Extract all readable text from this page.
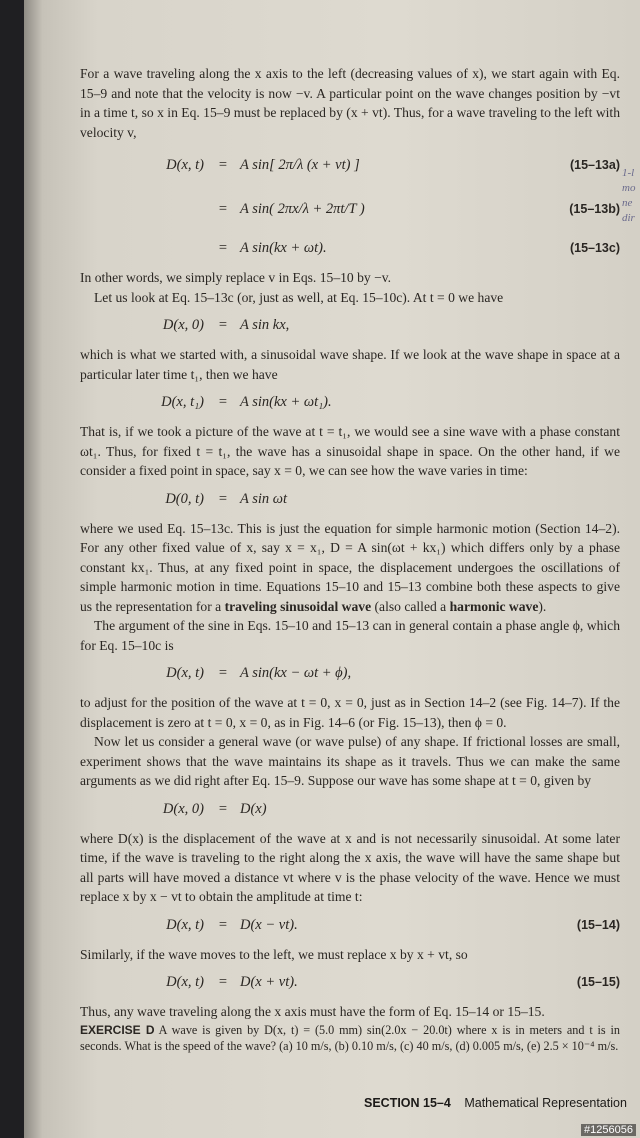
For a wave traveling along the x axis to the left (decreasing values of x), we start again with Eq. 15–9 and note that the velocity is now −v. A particular point on the wave changes position by −vt in a time t, so x in Eq. 15–9 must be replaced by (x + vt). Thus, for a wave traveling to the left with velocity v,

D(x, t)	= A sin[ 2π/λ (x + vt) ]	(15–13a)
= A sin( 2πx/λ + 2πt/T )	(15–13b)
= A sin(kx + ωt).	(15–13c)

In other words, we simply replace v in Eqs. 15–10 by −v.

Let us look at Eq. 15–13c (or, just as well, at Eq. 15–10c). At t = 0 we have

D(x, 0)	= A sin kx,

which is what we started with, a sinusoidal wave shape. If we look at the wave shape in space at a particular later time t₁, then we have

D(x, t₁)	= A sin(kx + ωt₁).

That is, if we took a picture of the wave at t = t₁, we would see a sine wave with a phase constant ωt₁. Thus, for fixed t = t₁, the wave has a sinusoidal shape in space. On the other hand, if we consider a fixed point in space, say x = 0, we can see how the wave varies in time:

D(0, t)	= A sin ωt

where we used Eq. 15–13c. This is just the equation for simple harmonic motion (Section 14–2). For any other fixed value of x, say x = x₁, D = A sin(ωt + kx₁) which differs only by a phase constant kx₁. Thus, at any fixed point in space, the displacement undergoes the oscillations of simple harmonic motion in time. Equations 15–10 and 15–13 combine both these aspects to give us the representation for a traveling sinusoidal wave (also called a harmonic wave).

The argument of the sine in Eqs. 15–10 and 15–13 can in general contain a phase angle ϕ, which for Eq. 15–10c is

D(x, t)	= A sin(kx − ωt + ϕ),

to adjust for the position of the wave at t = 0, x = 0, just as in Section 14–2 (see Fig. 14–7). If the displacement is zero at t = 0, x = 0, as in Fig. 14–6 (or Fig. 15–13), then ϕ = 0.

Now let us consider a general wave (or wave pulse) of any shape. If frictional losses are small, experiment shows that the wave maintains its shape as it travels. Thus we can make the same arguments as we did right after Eq. 15–9. Suppose our wave has some shape at t = 0, given by

D(x, 0)	= D(x)

where D(x) is the displacement of the wave at x and is not necessarily sinusoidal. At some later time, if the wave is traveling to the right along the x axis, the wave will have the same shape but all parts will have moved a distance vt where v is the phase velocity of the wave. Hence we must replace x by x − vt to obtain the amplitude at time t:

D(x, t)	= D(x − vt).	(15–14)

Similarly, if the wave moves to the left, we must replace x by x + vt, so

D(x, t)	= D(x + vt).	(15–15)

Thus, any wave traveling along the x axis must have the form of Eq. 15–14 or 15–15.

EXERCISE D A wave is given by D(x, t) = (5.0 mm) sin(2.0x − 20.0t) where x is in meters and t is in seconds. What is the speed of the wave? (a) 10 m/s, (b) 0.10 m/s, (c) 40 m/s, (d) 0.005 m/s, (e) 2.5 × 10⁻⁴ m/s.

1-l
mo
ne
dir
SECTION 15–4 Mathematical Representation
#1256056
